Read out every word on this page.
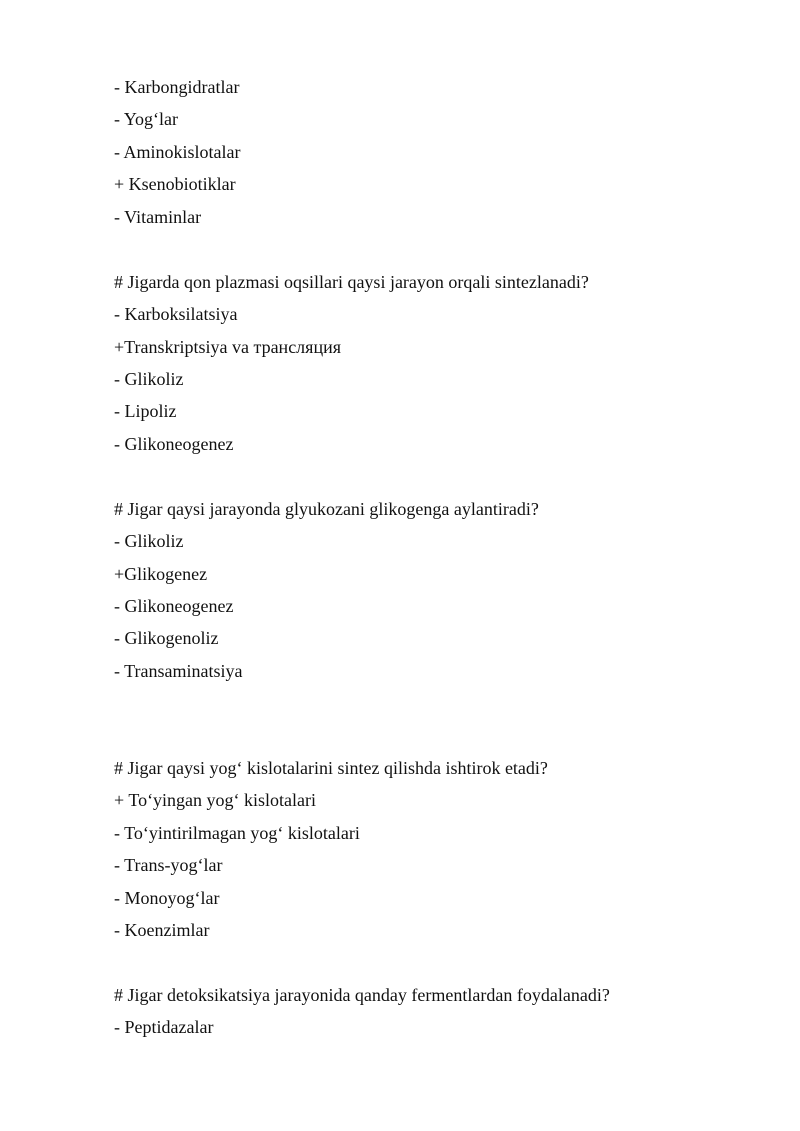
- Karbongidratlar
- Yog‘lar
- Aminokislotalar
+ Ksenobiotiklar
- Vitaminlar
# Jigarda qon plazmasi oqsillari qaysi jarayon orqali sintezlanadi?
- Karboksilatsiya
+Transkriptsiya va трансляция
- Glikoliz
- Lipoliz
- Glikoneogenez
# Jigar qaysi jarayonda glyukozani glikogenga aylantiradi?
- Glikoliz
+Glikogenez
- Glikoneogenez
- Glikogenoliz
- Transaminatsiya
# Jigar qaysi yog‘ kislotalarini sintez qilishda ishtirok etadi?
+ To‘yingan yog‘ kislotalari
- To‘yintirilmagan yog‘ kislotalari
- Trans-yog‘lar
- Monoyog‘lar
- Koenzimlar
# Jigar detoksikatsiya jarayonida qanday fermentlardan foydalanadi?
- Peptidazalar
